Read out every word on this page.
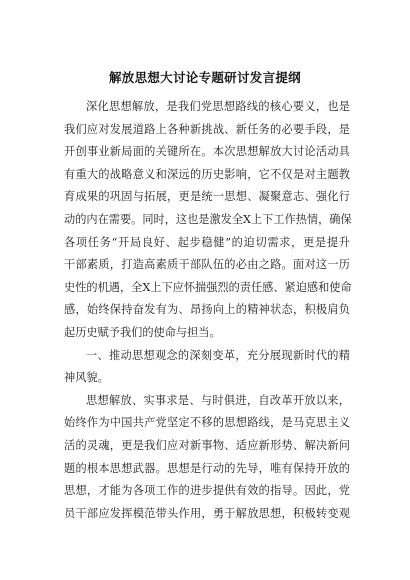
解放思想大讨论专题研讨发言提纲
深化思想解放，是我们党思想路线的核心要义，也是
我们应对发展道路上各种新挑战、新任务的必要手段，是
开创事业新局面的关键所在。本次思想解放大讨论活动具
有重大的战略意义和深远的历史影响，它不仅是对主题教
育成果的巩固与拓展，更是统一思想、凝聚意志、强化行
动的内在需要。同时，这也是激发全X上下工作热情，确保
各项任务“开局良好、起步稳健”的迫切需求，更是提升
干部素质，打造高素质干部队伍的必由之路。面对这一历
史性的机遇，全X上下应怀揣强烈的责任感、紧迫感和使命
感，始终保持奋发有为、昂扬向上的精神状态，积极肩负
起历史赋予我们的使命与担当。
一、推动思想观念的深刻变革，充分展现新时代的精
神风貌。
思想解放、实事求是、与时俱进，自改革开放以来，
始终作为中国共产党坚定不移的思想路线，是马克思主义
活的灵魂，更是我们应对新事物、适应新形势、解决新问
题的根本思想武器。思想是行动的先导，唯有保持开放的
思想，才能为各项工作的进步提供有效的指导。因此，党
员干部应发挥模范带头作用，勇于解放思想，积极转变观
